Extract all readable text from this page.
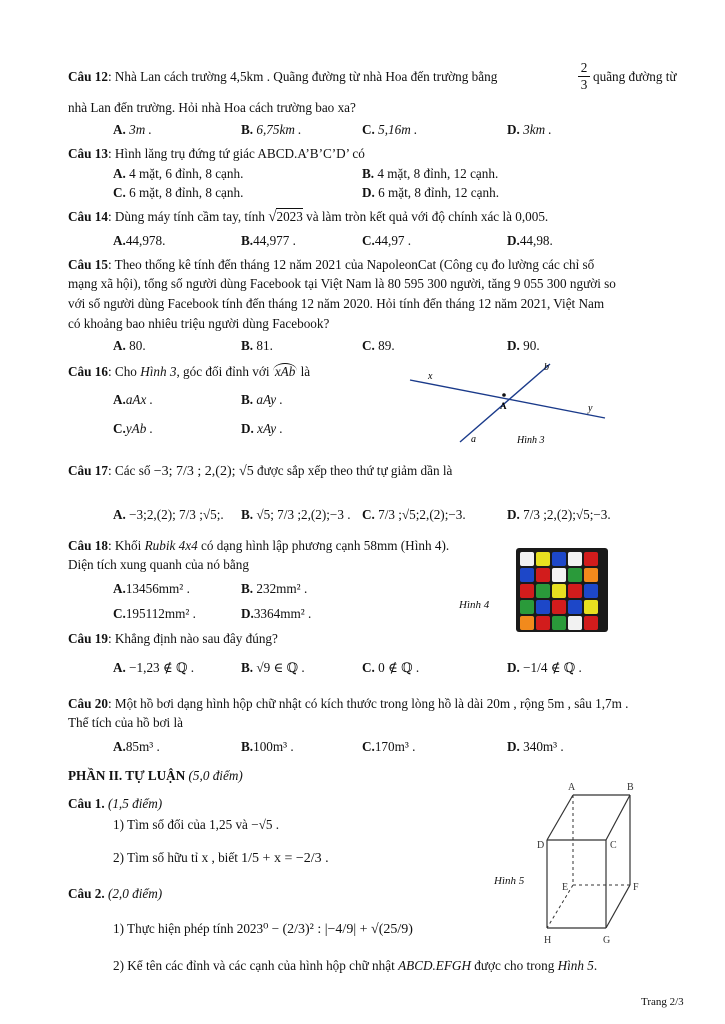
Câu 12: Nhà Lan cách trường 4,5km . Quãng đường từ nhà Hoa đến trường bằng	$\frac{2}{3}$ quãng đường từ
nhà Lan đến trường. Hỏi nhà Hoa cách trường bao xa?
A. 3m .	B. 6,75km .	C. 5,16m .	D. 3km .
Câu 13: Hình lăng trụ đứng tứ giác ABCD.A’B’C’D’ có
A. 4 mặt, 6 đỉnh, 8 cạnh.	B. 4 mặt, 8 đỉnh, 12 cạnh.
C. 6 mặt, 8 đỉnh, 8 cạnh.	D. 6 mặt, 8 đỉnh, 12 cạnh.
Câu 14: Dùng máy tính cầm tay, tính √2023 và làm tròn kết quả với độ chính xác là 0,005.
A.44,978.	B.44,977 .	C.44,97 .	D.44,98.
Câu 15: Theo thống kê tính đến tháng 12 năm 2021 của NapoleonCat (Công cụ đo lường các chỉ số
mạng xã hội), tổng số người dùng Facebook tại Việt Nam là 80 595 300 người, tăng 9 055 300 người so
với số người dùng Facebook tính đến tháng 12 năm 2020. Hỏi tính đến tháng 12 năm 2021, Việt Nam
có khoảng bao nhiêu triệu người dùng Facebook?
A. 80.	B. 81.	C. 89.	D. 90.
Câu 16: Cho Hình 3, góc đối đỉnh với xAb là
A.aAx .	B. aAy .
C.yAb .	D. xAy .
x
b
A	y
a	Hình 3
Câu 17: Các số −3; 7/3 ; 2,(2); √5 được sắp xếp theo thứ tự giảm dần là
A. −3;2,(2); 7/3 ;√5;. B. √5; 7/3 ;2,(2);−3 . C. 7/3 ;√5;2,(2);−3.	D. 7/3 ;2,(2);√5;−3.
Câu 18: Khối Rubik 4x4 có dạng hình lập phương cạnh 58mm (Hình 4).
Diện tích xung quanh của nó bằng
A.13456mm² .	B. 232mm² .
C.195112mm² .	D.3364mm² .
Hình 4
Câu 19: Khẳng định nào sau đây đúng?
A. −1,23 ∉ ℚ .	B. √9 ∈ ℚ .	C. 0 ∉ ℚ .	D. −1/4 ∉ ℚ .
Câu 20: Một hồ bơi dạng hình hộp chữ nhật có kích thước trong lòng hồ là dài 20m , rộng 5m , sâu 1,7m .
Thể tích của hồ bơi là
A.85m³ .	B.100m³ .	C.170m³ .	D. 340m³ .
PHẦN II. TỰ LUẬN (5,0 điểm)
Câu 1. (1,5 điểm)
1) Tìm số đối của 1,25 và −√5 .
2) Tìm số hữu tỉ x , biết 1/5 + x = −2/3 .
Câu 2. (2,0 điểm)
1) Thực hiện phép tính 2023⁰ − (2/3)² : |−4/9| + √(25/9)
2) Kể tên các đỉnh và các cạnh của hình hộp chữ nhật ABCD.EFGH được cho trong Hình 5.
Hình 5
A	B
C
D
E	F
G
H
Trang 2/3
